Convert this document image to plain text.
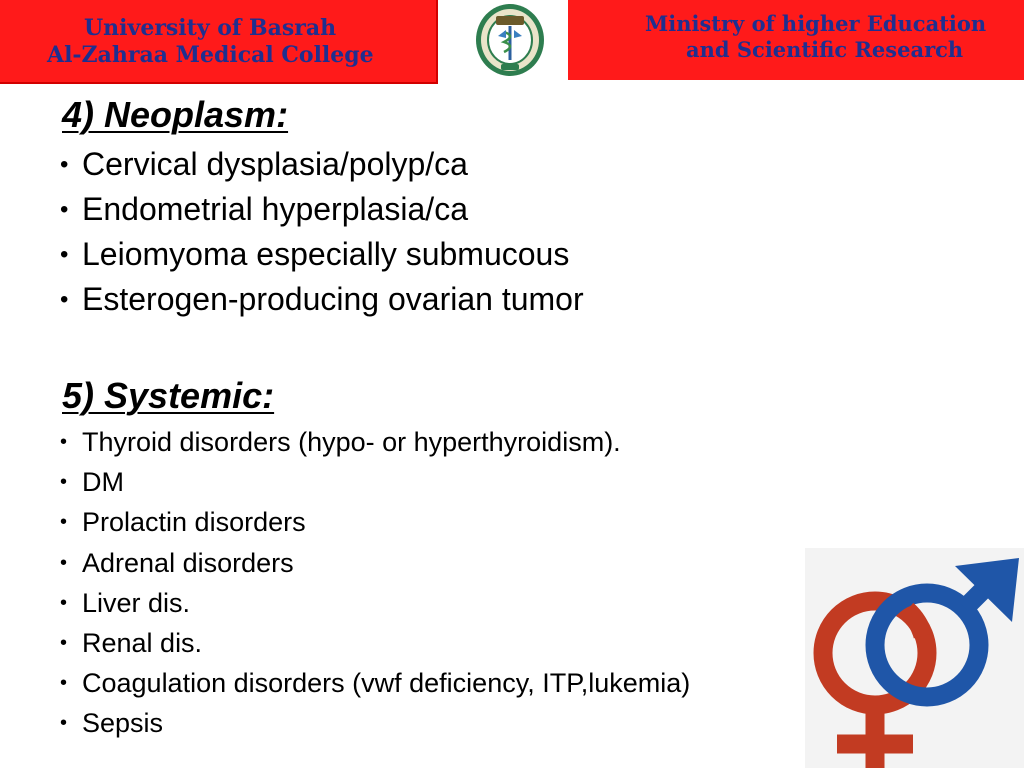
University of Basrah
Al-Zahraa Medical College
Ministry of higher Education
and Scientific Research
4) Neoplasm:
• Cervical dysplasia/polyp/ca
• Endometrial hyperplasia/ca
• Leiomyoma especially submucous
• Esterogen-producing ovarian tumor
5) Systemic:
• Thyroid disorders (hypo- or hyperthyroidism).
• DM
• Prolactin disorders
• Adrenal disorders
• Liver dis.
• Renal dis.
• Coagulation disorders (vwf deficiency, ITP,lukemia)
• Sepsis
